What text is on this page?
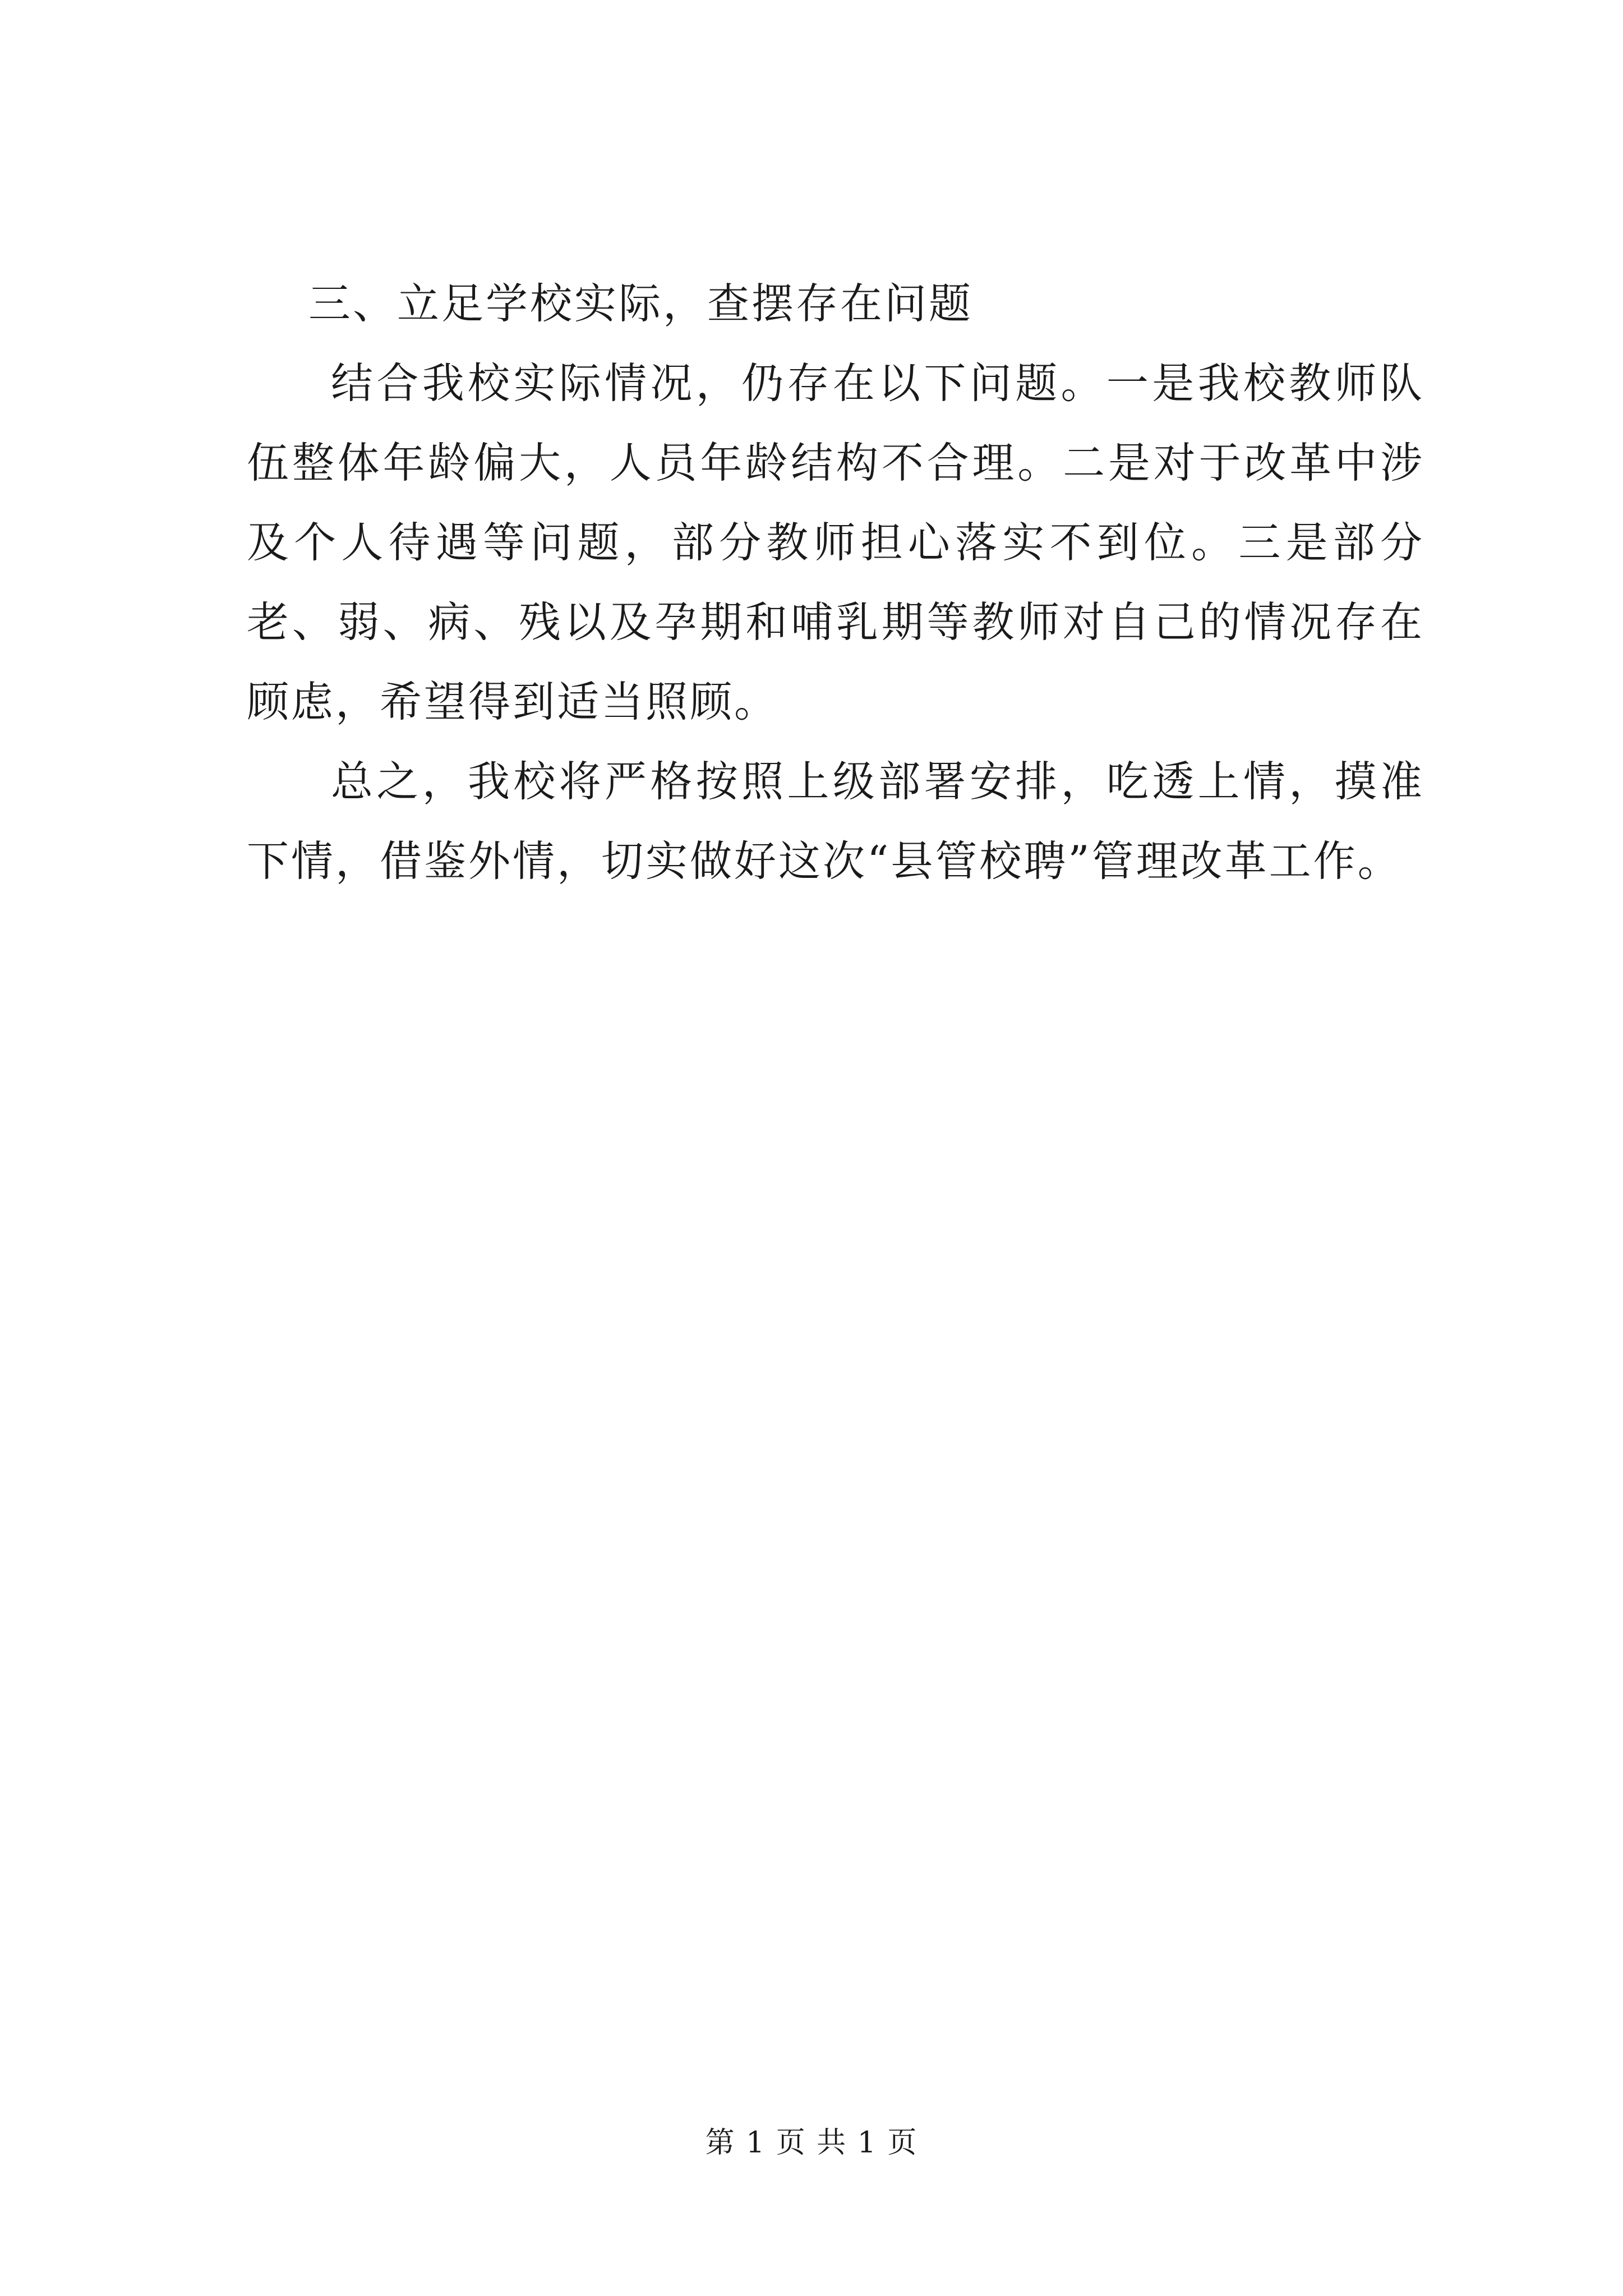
三、立足学校实际，查摆存在问题

结合我校实际情况，仍存在以下问题。一是我校教师队伍整体年龄偏大，人员年龄结构不合理。二是对于改革中涉及个人待遇等问题，部分教师担心落实不到位。三是部分老、弱、病、残以及孕期和哺乳期等教师对自己的情况存在顾虑，希望得到适当照顾。

总之，我校将严格按照上级部署安排，吃透上情，摸准下情，借鉴外情，切实做好这次“县管校聘”管理改革工作。

第 1 页 共 1 页
